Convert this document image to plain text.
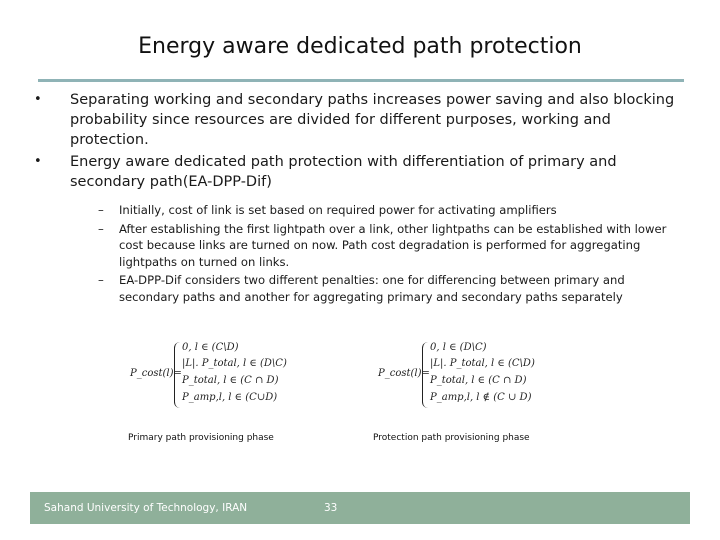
Energy aware dedicated path protection
• Separating working and secondary paths increases power saving and also blocking probability since resources are divided for different purposes, working and protection.
• Energy aware dedicated path protection with differentiation of primary and secondary path(EA-DPP-Dif)
– Initially, cost of link is set based on required power for activating amplifiers
– After establishing the first lightpath over a link, other lightpaths can be established with lower cost because links are turned on now. Path cost degradation is performed for aggregating lightpaths on turned on links.
– EA-DPP-Dif considers two different penalties: one for differencing between primary and secondary paths and another for aggregating primary and secondary paths separately
P_cost(l)=
0, l ∈ (C\D)
|L|. P_total, l ∈ (D\C)
P_total, l ∈ (C ∩ D)
P_amp,l, l ∈ (C∪D)
Primary path provisioning phase
P_cost(l)=
0, l ∈ (D\C)
|L|. P_total, l ∈ (C\D)
P_total, l ∈ (C ∩ D)
P_amp,l, l ∉ (C ∪ D)
Protection path provisioning phase
Sahand University of Technology, IRAN	33
